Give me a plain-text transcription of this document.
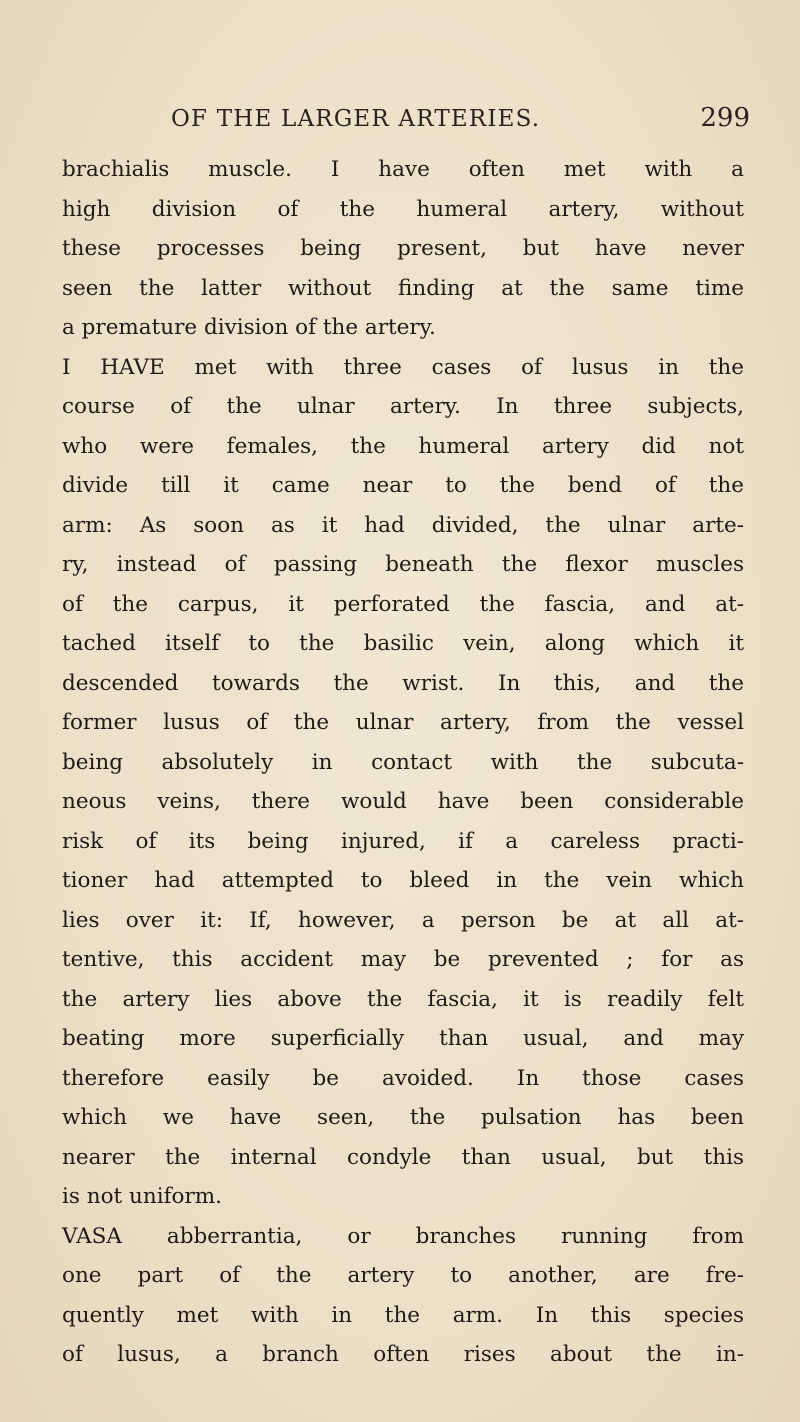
OF THE LARGER ARTERIES.	299
brachialis muscle. I have often met with a
high division of the humeral artery, without
these processes being present, but have never
seen the latter without finding at the same time
a premature division of the artery.
I HAVE met with three cases of lusus in the
course of the ulnar artery. In three subjects,
who were females, the humeral artery did not
divide till it came near to the bend of the
arm: As soon as it had divided, the ulnar arte-
ry, instead of passing beneath the flexor muscles
of the carpus, it perforated the fascia, and at-
tached itself to the basilic vein, along which it
descended towards the wrist. In this, and the
former lusus of the ulnar artery, from the vessel
being absolutely in contact with the subcuta-
neous veins, there would have been considerable
risk of its being injured, if a careless practi-
tioner had attempted to bleed in the vein which
lies over it: If, however, a person be at all at-
tentive, this accident may be prevented ; for as
the artery lies above the fascia, it is readily felt
beating more superficially than usual, and may
therefore easily be avoided. In those cases
which we have seen, the pulsation has been
nearer the internal condyle than usual, but this
is not uniform.
VASA abberrantia, or branches running from
one part of the artery to another, are fre-
quently met with in the arm. In this species
of lusus, a branch often rises about the in-
